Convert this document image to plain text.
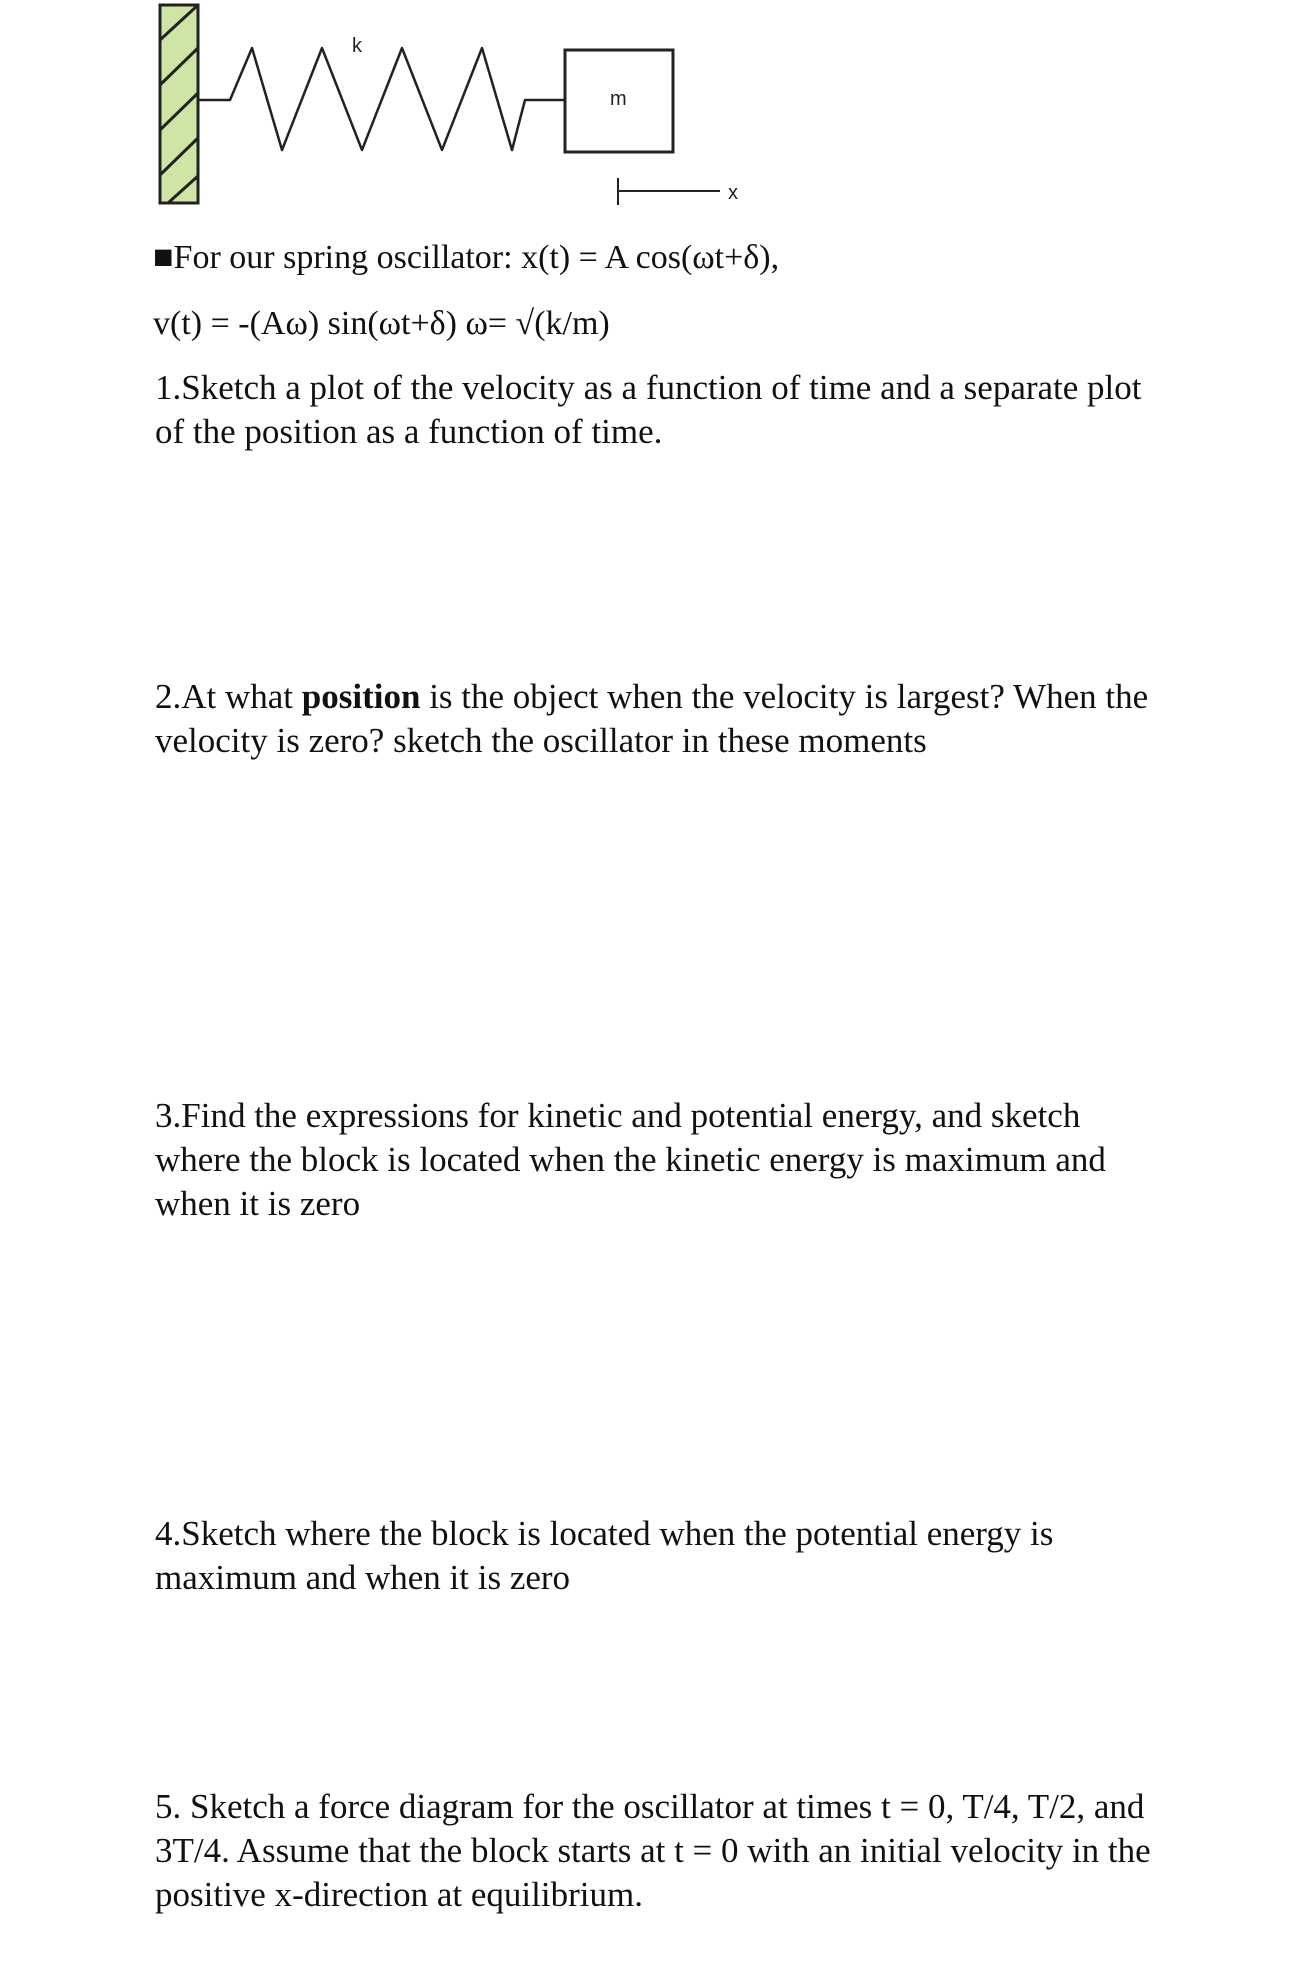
k
m
x
■For our spring oscillator: x(t) = A cos(ωt+δ),
v(t) = -(Aω) sin(ωt+δ) ω= √(k/m)
1.Sketch a plot of the velocity as a function of time and a separate plot of the position as a function of time.
2.At what position is the object when the velocity is largest? When the velocity is zero? sketch the oscillator in these moments
3.Find the expressions for kinetic and potential energy, and sketch where the block is located when the kinetic energy is maximum and when it is zero
4.Sketch where the block is located when the potential energy is maximum and when it is zero
5. Sketch a force diagram for the oscillator at times t = 0, T/4, T/2, and 3T/4. Assume that the block starts at t = 0 with an initial velocity in the positive x-direction at equilibrium.
